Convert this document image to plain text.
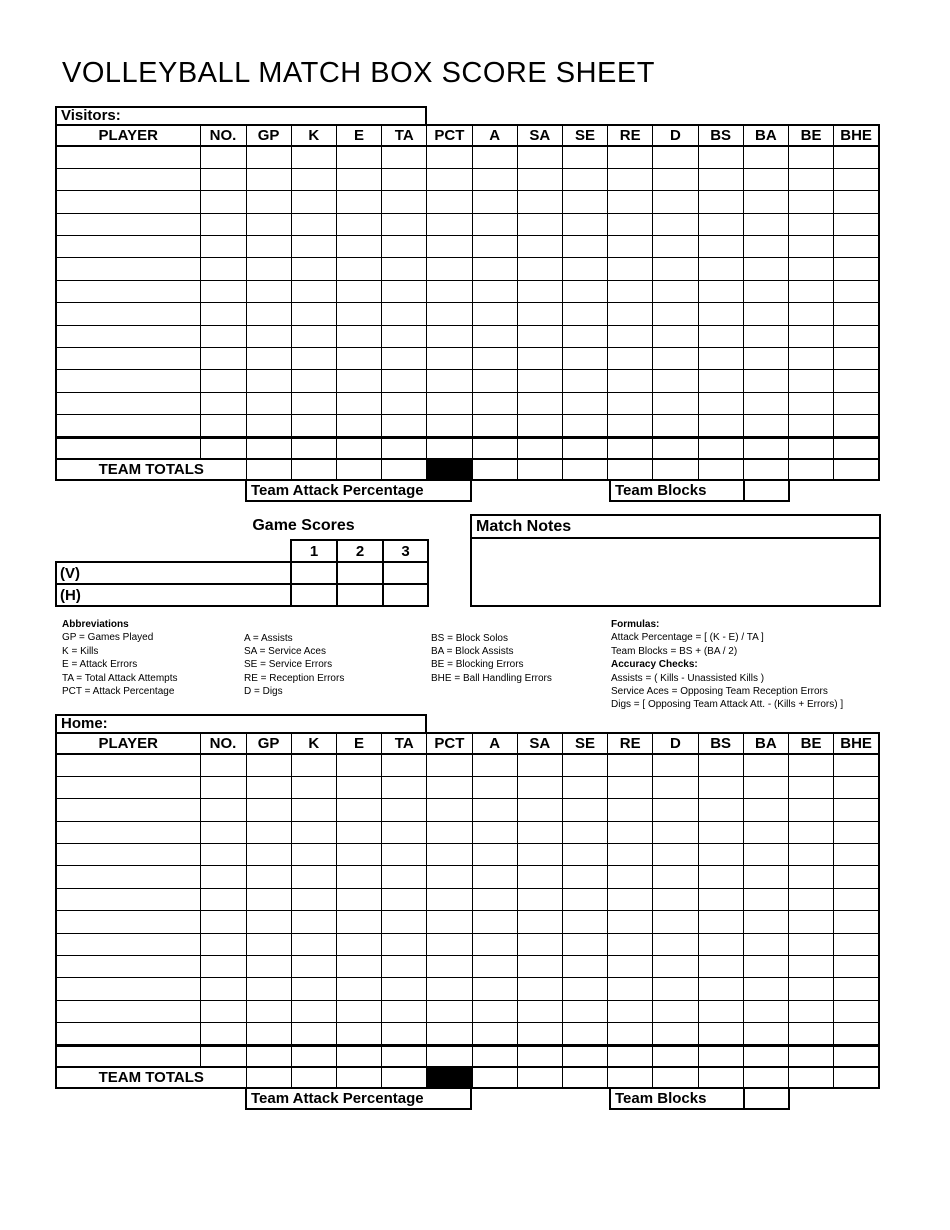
VOLLEYBALL MATCH BOX SCORE SHEET
Visitors:
PLAYER	NO.	GP	K	E	TA	PCT	A	SA	SE	RE	D	BS	BA	BE	BHE

TEAM TOTALS															
Team Attack Percentage	Team Blocks
Game Scores
	1	2	3
(V)			
(H)			
Match Notes
Abbreviations
GP = Games Played
K = Kills
E = Attack Errors
TA = Total Attack Attempts
PCT = Attack Percentage
A = Assists
SA = Service Aces
SE = Service Errors
RE = Reception Errors
D = Digs
BS = Block Solos
BA = Block Assists
BE = Blocking Errors
BHE = Ball Handling Errors
Formulas:
Attack Percentage = [ (K - E) / TA ]
Team Blocks = BS + (BA / 2)
Accuracy Checks:
Assists = ( Kills - Unassisted Kills )
Service Aces = Opposing Team Reception Errors
Digs = [ Opposing Team Attack Att. - (Kills + Errors) ]
Home:
PLAYER	NO.	GP	K	E	TA	PCT	A	SA	SE	RE	D	BS	BA	BE	BHE

TEAM TOTALS															
Team Attack Percentage	Team Blocks
